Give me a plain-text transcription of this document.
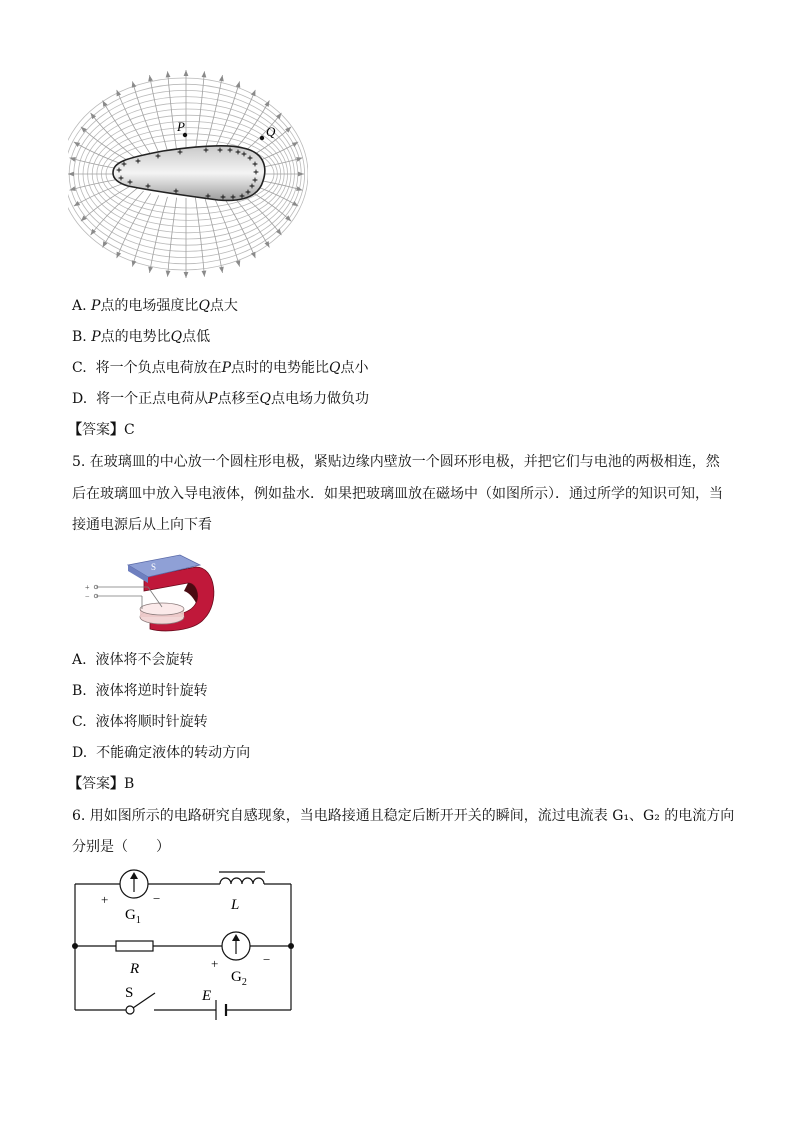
P	Q
A. P点的电场强度比Q点大
B. P点的电势比Q点低
C. 将一个负点电荷放在P点时的电势能比Q点小
D. 将一个正点电荷从P点移至Q点电场力做负功
【答案】C
5. 在玻璃皿的中心放一个圆柱形电极，紧贴边缘内壁放一个圆环形电极，并把它们与电池的两极相连，然
后在玻璃皿中放入导电液体，例如盐水．如果把玻璃皿放在磁场中（如图所示）．通过所学的知识可知，当
接通电源后从上向下看
S
+
−
A. 液体将不会旋转
B. 液体将逆时针旋转
C. 液体将顺时针旋转
D. 不能确定液体的转动方向
【答案】B
6. 用如图所示的电路研究自感现象，当电路接通且稳定后断开开关的瞬间，流过电流表 G₁、G₂ 的电流方向
分别是（　　）
+	−
$G_1$
L
R	+	−
$G_2$
S	E
